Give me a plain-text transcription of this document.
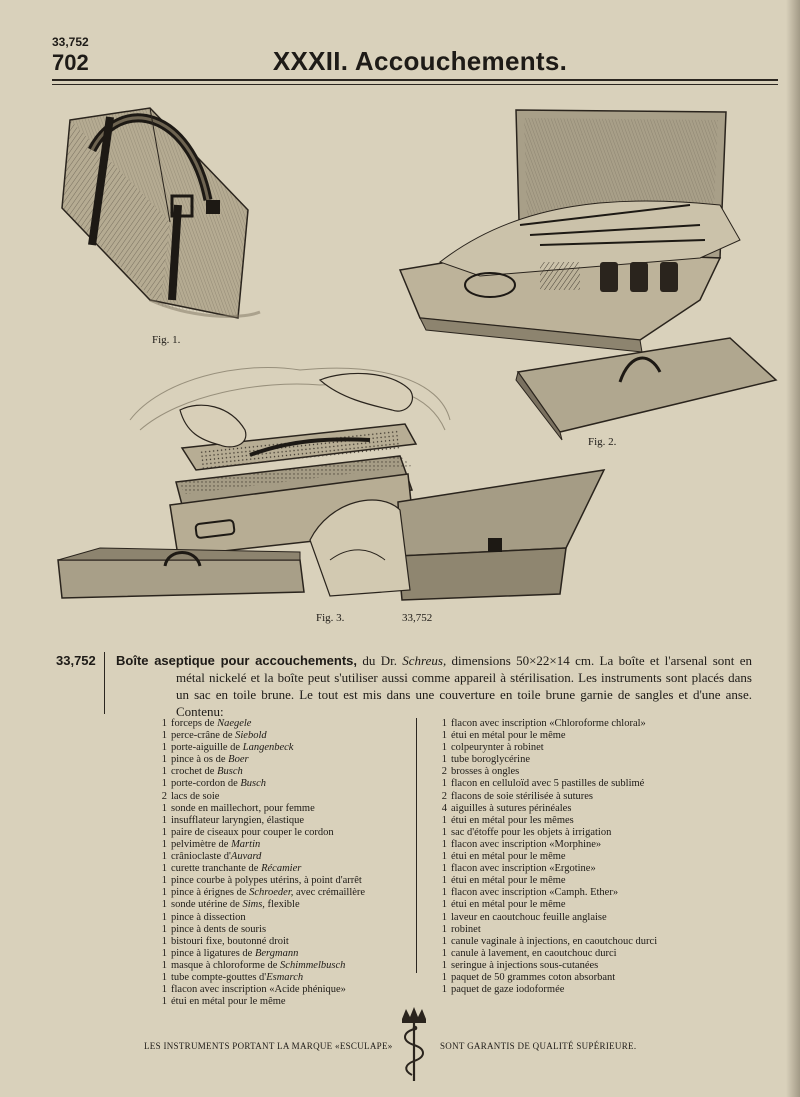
33,752
702	XXXII. Accouchements.
Fig. 1.
Fig. 2.
Fig. 3.	33,752
33,752 Boîte aseptique pour accouchements, du Dr. Schreus, dimensions 50×22×14 cm. La boîte et l'arsenal sont en métal nickelé et la boîte peut s'utiliser aussi comme appareil à stérilisation. Les instruments sont placés dans un sac en toile brune. Le tout est mis dans une couverture en toile brune garnie de sangles et d'une anse. Contenu:
1 forceps de Naegele
1 perce-crâne de Siebold
1 porte-aiguille de Langenbeck
1 pince à os de Boer
1 crochet de Busch
1 porte-cordon de Busch
2 lacs de soie
1 sonde en maillechort, pour femme
1 insufflateur laryngien, élastique
1 paire de ciseaux pour couper le cordon
1 pelvimètre de Martin
1 crânioclaste d'Auvard
1 curette tranchante de Récamier
1 pince courbe à polypes utérins, à point d'arrêt
1 pince à érignes de Schroeder, avec crémaillère
1 sonde utérine de Sims, flexible
1 pince à dissection
1 pince à dents de souris
1 bistouri fixe, boutonné droit
1 pince à ligatures de Bergmann
1 masque à chloroforme de Schimmelbusch
1 tube compte-gouttes d'Esmarch
1 flacon avec inscription «Acide phénique»
1 étui en métal pour le même
1 flacon avec inscription «Chloroforme chloral»
1 étui en métal pour le même
1 colpeurynter à robinet
1 tube boroglycérine
2 brosses à ongles
1 flacon en celluloïd avec 5 pastilles de sublimé
2 flacons de soie stérilisée à sutures
4 aiguilles à sutures périnéales
1 étui en métal pour les mêmes
1 sac d'étoffe pour les objets à irrigation
1 flacon avec inscription «Morphine»
1 étui en métal pour le même
1 flacon avec inscription «Ergotine»
1 étui en métal pour le même
1 flacon avec inscription «Camph. Ether»
1 étui en métal pour le même
1 laveur en caoutchouc feuille anglaise
1 robinet
1 canule vaginale à injections, en caoutchouc durci
1 canule à lavement, en caoutchouc durci
1 seringue à injections sous-cutanées
1 paquet de 50 grammes coton absorbant
1 paquet de gaze iodoformée
LES INSTRUMENTS PORTANT LA MARQUE «ESCULAPE»	SONT GARANTIS DE QUALITÉ SUPÉRIEURE.
